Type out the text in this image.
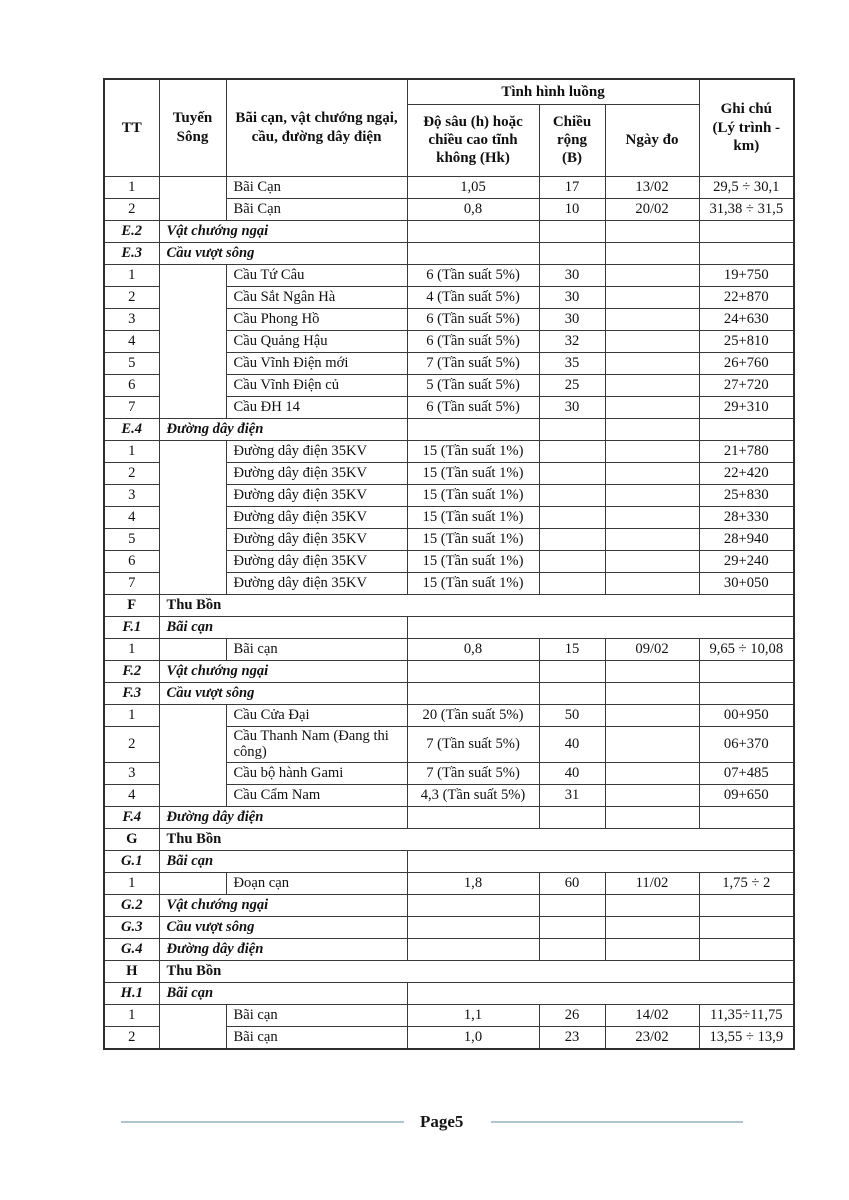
TT	Tuyến Sông	Bãi cạn, vật chướng ngại, cầu, đường dây điện	Tình hình luồng			Ghi chú (Lý trình - km)
			Độ sâu (h) hoặc chiều cao tĩnh không (Hk)	Chiều rộng (B)	Ngày đo	
1		Bãi Cạn	1,05	17	13/02	29,5 ÷ 30,1
2		Bãi Cạn	0,8	10	20/02	31,38 ÷ 31,5
E.2	Vật chướng ngại					
E.3	Cầu vượt sông					
1		Cầu Tứ Câu	6 (Tần suất 5%)	30		19+750
2		Cầu Sắt Ngân Hà	4 (Tần suất 5%)	30		22+870
3		Cầu Phong Hồ	6 (Tần suất 5%)	30		24+630
4		Cầu Quảng Hậu	6 (Tần suất 5%)	32		25+810
5		Cầu Vĩnh Điện mới	7 (Tần suất 5%)	35		26+760
6		Cầu Vĩnh Điện củ	5 (Tần suất 5%)	25		27+720
7		Cầu ĐH 14	6 (Tần suất 5%)	30		29+310
E.4	Đường dây điện					
1		Đường dây điện 35KV	15 (Tần suất 1%)			21+780
2		Đường dây điện 35KV	15 (Tần suất 1%)			22+420
3		Đường dây điện 35KV	15 (Tần suất 1%)			25+830
4		Đường dây điện 35KV	15 (Tần suất 1%)			28+330
5		Đường dây điện 35KV	15 (Tần suất 1%)			28+940
6		Đường dây điện 35KV	15 (Tần suất 1%)			29+240
7		Đường dây điện 35KV	15 (Tần suất 1%)			30+050
F	Thu Bồn					
F.1	Bãi cạn					
1		Bãi cạn	0,8	15	09/02	9,65 ÷ 10,08
F.2	Vật chướng ngại					
F.3	Cầu vượt sông					
1		Cầu Cửa Đại	20 (Tần suất 5%)	50		00+950
2		Cầu Thanh Nam (Đang thi công)	7 (Tần suất 5%)	40		06+370
3		Cầu bộ hành Gami	7 (Tần suất 5%)	40		07+485
4		Cầu Cẩm Nam	4,3 (Tần suất 5%)	31		09+650
F.4	Đường dây điện					
G	Thu Bồn					
G.1	Bãi cạn					
1		Đoạn cạn	1,8	60	11/02	1,75 ÷ 2
G.2	Vật chướng ngại					
G.3	Cầu vượt sông					
G.4	Đường dây điện					
H	Thu Bồn					
H.1	Bãi cạn					
1		Bãi cạn	1,1	26	14/02	11,35÷11,75
2		Bãi cạn	1,0	23	23/02	13,55 ÷ 13,9
Page5
